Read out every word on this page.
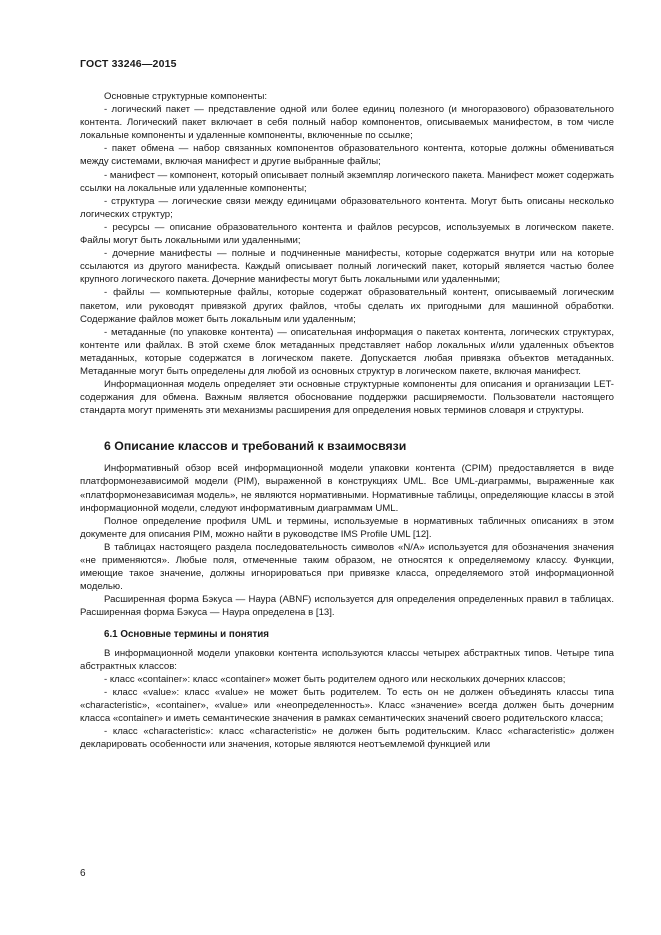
ГОСТ 33246—2015

Основные структурные компоненты:

- логический пакет — представление одной или более единиц полезного (и многоразового) образовательного контента. Логический пакет включает в себя полный набор компонентов, описываемых манифестом, в том числе локальные компоненты и удаленные компоненты, включенные по ссылке;

- пакет обмена — набор связанных компонентов образовательного контента, которые должны обмениваться между системами, включая манифест и другие выбранные файлы;

- манифест — компонент, который описывает полный экземпляр логического пакета. Манифест может содержать ссылки на локальные или удаленные компоненты;

- структура — логические связи между единицами образовательного контента. Могут быть описаны несколько логических структур;

- ресурсы — описание образовательного контента и файлов ресурсов, используемых в логическом пакете. Файлы могут быть локальными или удаленными;

- дочерние манифесты — полные и подчиненные манифесты, которые содержатся внутри или на которые ссылаются из другого манифеста. Каждый описывает полный логический пакет, который является частью более крупного логического пакета. Дочерние манифесты могут быть локальными или удаленными;

- файлы — компьютерные файлы, которые содержат образовательный контент, описываемый логическим пакетом, или руководят привязкой других файлов, чтобы сделать их пригодными для машинной обработки. Содержание файлов может быть локальным или удаленным;

- метаданные (по упаковке контента) — описательная информация о пакетах контента, логических структурах, контенте или файлах. В этой схеме блок метаданных представляет набор локальных и/или удаленных объектов метаданных, которые содержатся в логическом пакете. Допускается любая привязка объектов метаданных. Метаданные могут быть определены для любой из основных структур в логическом пакете, включая манифест.

Информационная модель определяет эти основные структурные компоненты для описания и организации LET-содержания для обмена. Важным является обоснование поддержки расширяемости. Пользователи настоящего стандарта могут применять эти механизмы расширения для определения новых терминов словаря и структуры.

6 Описание классов и требований к взаимосвязи

Информативный обзор всей информационной модели упаковки контента (CPIM) предоставляется в виде платформонезависимой модели (PIM), выраженной в конструкциях UML. Все UML-диаграммы, выраженные как «платформонезависимая модель», не являются нормативными. Нормативные таблицы, определяющие классы в этой информационной модели, следуют информативным диаграммам UML.

Полное определение профиля UML и термины, используемые в нормативных табличных описаниях в этом документе для описания PIM, можно найти в руководстве IMS Profile UML [12].

В таблицах настоящего раздела последовательность символов «N/A» используется для обозначения значения «не применяются». Любые поля, отмеченные таким образом, не относятся к определяемому классу. Функции, имеющие такое значение, должны игнорироваться при привязке класса, определяемого этой информационной моделью.

Расширенная форма Бэкуса — Наура (ABNF) используется для определения определенных правил в таблицах. Расширенная форма Бэкуса — Наура определена в [13].

6.1 Основные термины и понятия

В информационной модели упаковки контента используются классы четырех абстрактных типов. Четыре типа абстрактных классов:

- класс «container»: класс «container» может быть родителем одного или нескольких дочерних классов;

- класс «value»: класс «value» не может быть родителем. То есть он не должен объединять классы типа «characteristic», «container», «value» или «неопределенность». Класс «значение» всегда должен быть дочерним класса «container» и иметь семантические значения в рамках семантических значений своего родительского класса;

- класс «characteristic»: класс «characteristic» не должен быть родительским. Класс «characteristic» должен декларировать особенности или значения, которые являются неотъемлемой функцией или

6
